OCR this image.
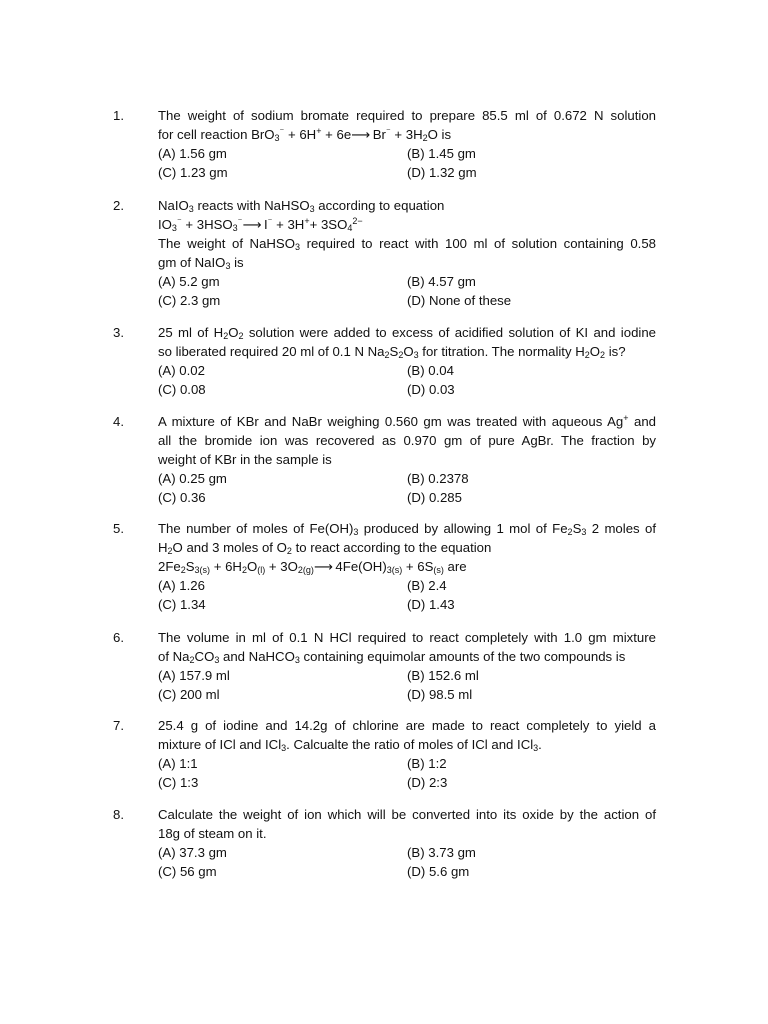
1.	The weight of sodium bromate required to prepare 85.5 ml of 0.672 N solution
for cell reaction BrO$_3$⁻ + 6H+ + 6e⟶ $Br^{^-} + 3H_2O$ is
(A) 1.56 gm	(B) 1.45 gm
(C) 1.23 gm	(D) 1.32 gm
2.	NaIO$_3$ reacts with NaHSO$_3$ according to equation
$IO_3^{^-}$ + $3HSO_3^{^-}⟶$ $I^{^-} + 3H^++ 3SO_4^{2-}$
The weight of NaHSO$_3$ required to react with 100 ml of solution containing 0.58
gm of NaIO$_3$ is
(A) 5.2 gm	(B) 4.57 gm
(C) 2.3 gm	(D) None of these
3.	25 ml of $H_2O_2$ solution were added to excess of acidified solution of KI and iodine
so liberated required 20 ml of 0.1 N $Na_2S_2O_3$ for titration. The normality $H_2O_2$ is?
(A) 0.02	(B) 0.04
(C) 0.08	(D) 0.03
4.	A mixture of KBr and NaBr weighing 0.560 gm was treated with aqueous Ag+ and
all the bromide ion was recovered as 0.970 gm of pure AgBr. The fraction by
weight of KBr in the sample is
(A) 0.25 gm	(B) 0.2378
(C) 0.36	(D) 0.285
5.	The number of moles of $Fe(OH)_3$ produced by allowing 1 mol of $Fe_2S_3$ 2 moles of
$H_2O$ and 3 moles of $O_2$ to react according to the equation
$2Fe_2S_{3(s)} + 6H_2O_{(l)}$ + $3O_{2(g)}⟶$ $4Fe(OH)_{3(s)} + 6S_{(s)}$ are
(A) 1.26	(B) 2.4
(C) 1.34	(D) 1.43
6.	The volume in ml of 0.1 N HCl required to react completely with 1.0 gm mixture
of $Na_2CO_3$ and NaHCO$_3$ containing equimolar amounts of the two compounds is
(A) 157.9 ml	(B) 152.6 ml
(C) 200 ml	(D) 98.5 ml
7.	25.4 g of iodine and 14.2g of chlorine are made to react completely to yield a
mixture of ICl and ICl$_3$. Calcualte the ratio of moles of ICl and ICl$_3$.
(A) 1:1	(B) 1:2
(C) 1:3	(D) 2:3
8.	Calculate the weight of ion which will be converted into its oxide by the action of
18g of steam on it.
(A) 37.3 gm	(B) 3.73 gm
(C) 56 gm	(D) 5.6 gm
